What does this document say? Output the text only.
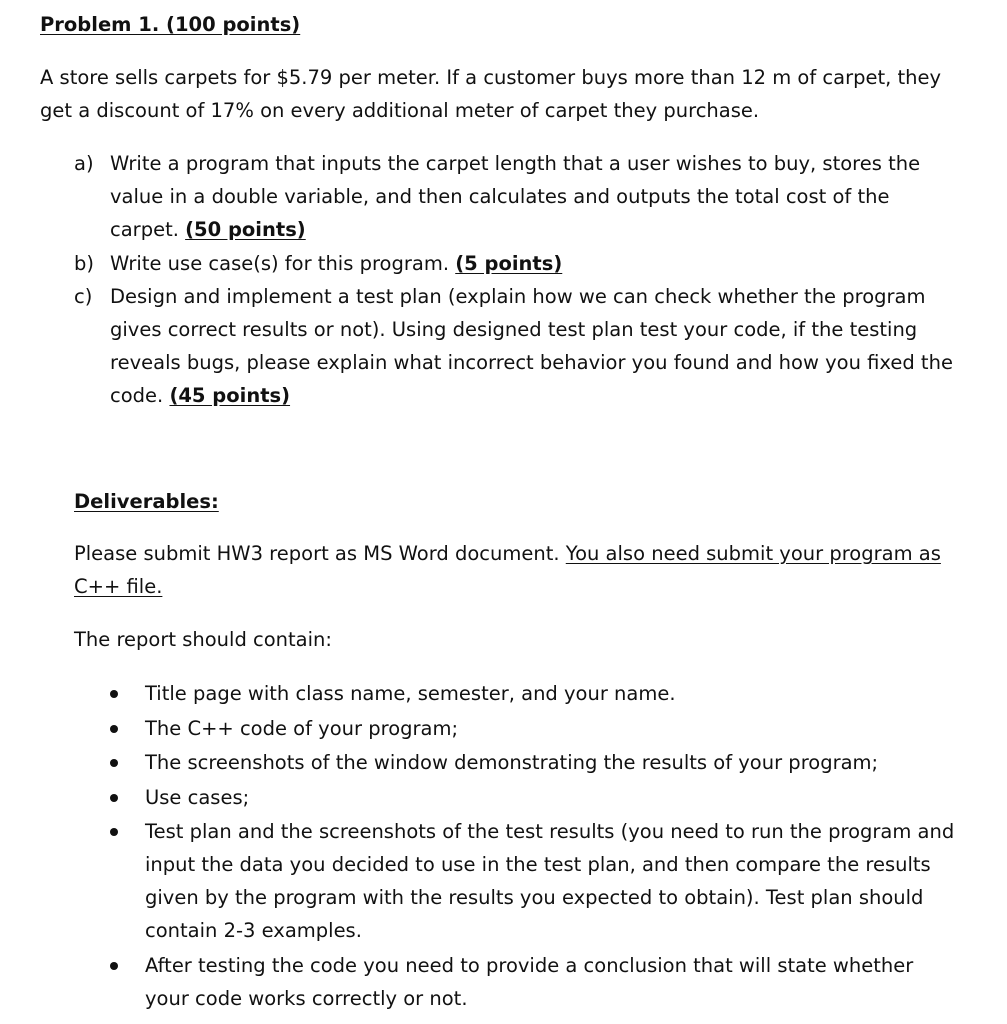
Problem 1. (100 points)
A store sells carpets for $5.79 per meter. If a customer buys more than 12 m of carpet, they get a discount of 17% on every additional meter of carpet they purchase.
a) Write a program that inputs the carpet length that a user wishes to buy, stores the value in a double variable, and then calculates and outputs the total cost of the carpet. (50 points)
b) Write use case(s) for this program. (5 points)
c) Design and implement a test plan (explain how we can check whether the program gives correct results or not). Using designed test plan test your code, if the testing reveals bugs, please explain what incorrect behavior you found and how you fixed the code. (45 points)
Deliverables:
Please submit HW3 report as MS Word document. You also need submit your program as C++ file.
The report should contain:
Title page with class name, semester, and your name.
The C++ code of your program;
The screenshots of the window demonstrating the results of your program;
Use cases;
Test plan and the screenshots of the test results (you need to run the program and input the data you decided to use in the test plan, and then compare the results given by the program with the results you expected to obtain). Test plan should contain 2-3 examples.
After testing the code you need to provide a conclusion that will state whether your code works correctly or not.
